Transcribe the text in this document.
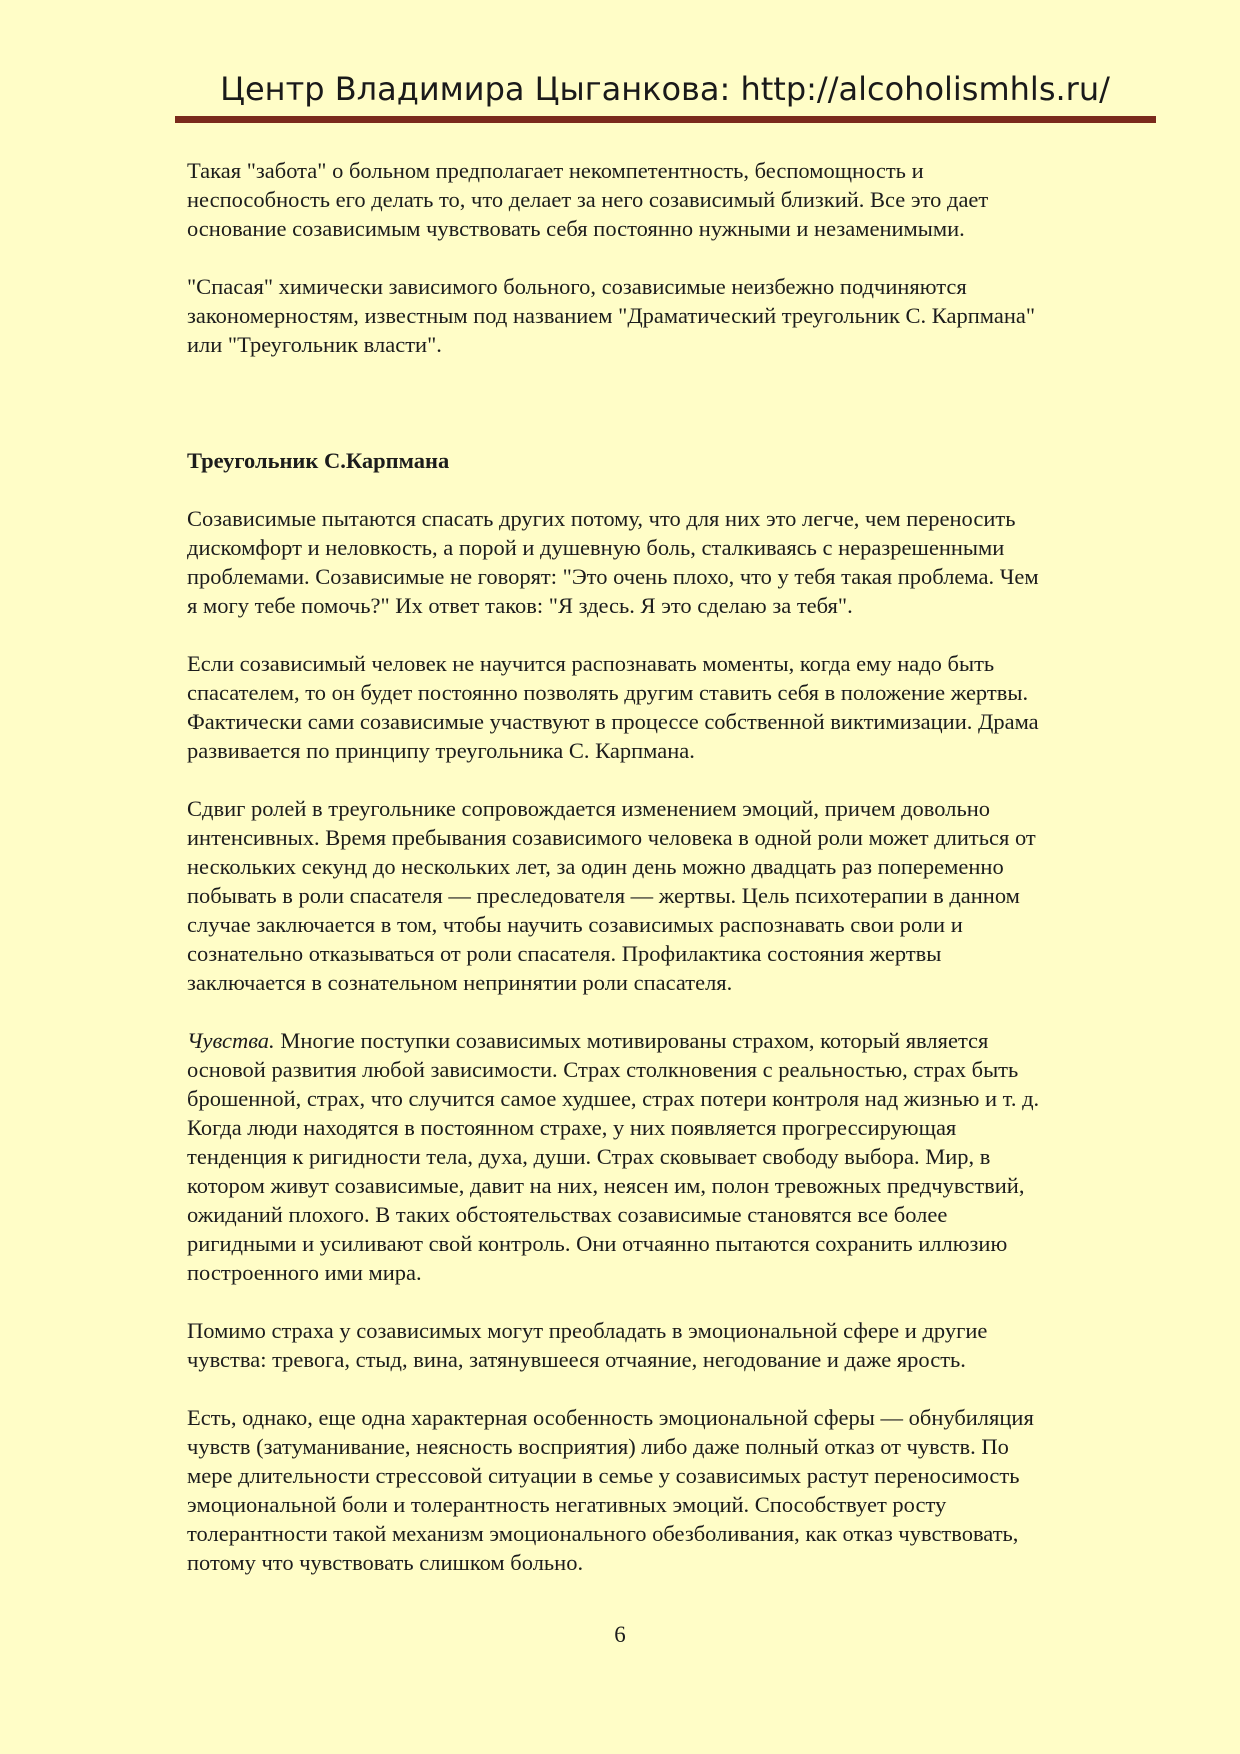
Центр Владимира Цыганкова: http://alcoholismhls.ru/

Такая "забота" о больном предполагает некомпетентность, беспомощность и
неспособность его делать то, что делает за него созависимый близкий. Все это дает
основание созависимым чувствовать себя постоянно нужными и незаменимыми.

"Спасая" химически зависимого больного, созависимые неизбежно подчиняются
закономерностям, известным под названием "Драматический треугольник С. Карпмана"
или "Треугольник власти".

Треугольник С.Карпмана

Созависимые пытаются спасать других потому, что для них это легче, чем переносить
дискомфорт и неловкость, а порой и душевную боль, сталкиваясь с неразрешенными
проблемами. Созависимые не говорят: "Это очень плохо, что у тебя такая проблема. Чем
я могу тебе помочь?" Их ответ таков: "Я здесь. Я это сделаю за тебя".

Если созависимый человек не научится распознавать моменты, когда ему надо быть
спасателем, то он будет постоянно позволять другим ставить себя в положение жертвы.
Фактически сами созависимые участвуют в процессе собственной виктимизации. Драма
развивается по принципу треугольника С. Карпмана.

Сдвиг ролей в треугольнике сопровождается изменением эмоций, причем довольно
интенсивных. Время пребывания созависимого человека в одной роли может длиться от
нескольких секунд до нескольких лет, за один день можно двадцать раз попеременно
побывать в роли спасателя — преследователя — жертвы. Цель психотерапии в данном
случае заключается в том, чтобы научить созависимых распознавать свои роли и
сознательно отказываться от роли спасателя. Профилактика состояния жертвы
заключается в сознательном непринятии роли спасателя.

Чувства. Многие поступки созависимых мотивированы страхом, который является
основой развития любой зависимости. Страх столкновения с реальностью, страх быть
брошенной, страх, что случится самое худшее, страх потери контроля над жизнью и т. д.
Когда люди находятся в постоянном страхе, у них появляется прогрессирующая
тенденция к ригидности тела, духа, души. Страх сковывает свободу выбора. Мир, в
котором живут созависимые, давит на них, неясен им, полон тревожных предчувствий,
ожиданий плохого. В таких обстоятельствах созависимые становятся все более
ригидными и усиливают свой контроль. Они отчаянно пытаются сохранить иллюзию
построенного ими мира.

Помимо страха у созависимых могут преобладать в эмоциональной сфере и другие
чувства: тревога, стыд, вина, затянувшееся отчаяние, негодование и даже ярость.

Есть, однако, еще одна характерная особенность эмоциональной сферы — обнубиляция
чувств (затуманивание, неясность восприятия) либо даже полный отказ от чувств. По
мере длительности стрессовой ситуации в семье у созависимых растут переносимость
эмоциональной боли и толерантность негативных эмоций. Способствует росту
толерантности такой механизм эмоционального обезболивания, как отказ чувствовать,
потому что чувствовать слишком больно.

6
